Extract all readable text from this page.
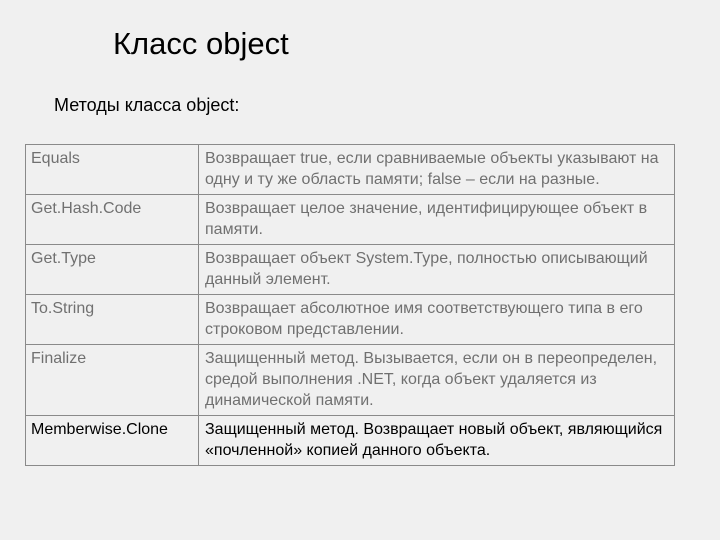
Класс object
Методы класса object:
Equals	Возвращает true, если сравниваемые объекты указывают на одну и ту же область памяти; false – если на разные.
Get.Hash.Code	Возвращает целое значение, идентифицирующее объект в памяти.
Get.Type	Возвращает объект System.Type, полностью описывающий данный элемент.
To.String	Возвращает абсолютное имя соответствующего типа в его строковом представлении.
Finalize	Защищенный метод. Вызывается, если он в переопределен, средой выполнения .NET, когда объект удаляется из динамической памяти.
Memberwise.Clone	Защищенный метод. Возвращает новый объект, являющийся «почленной» копией данного объекта.
